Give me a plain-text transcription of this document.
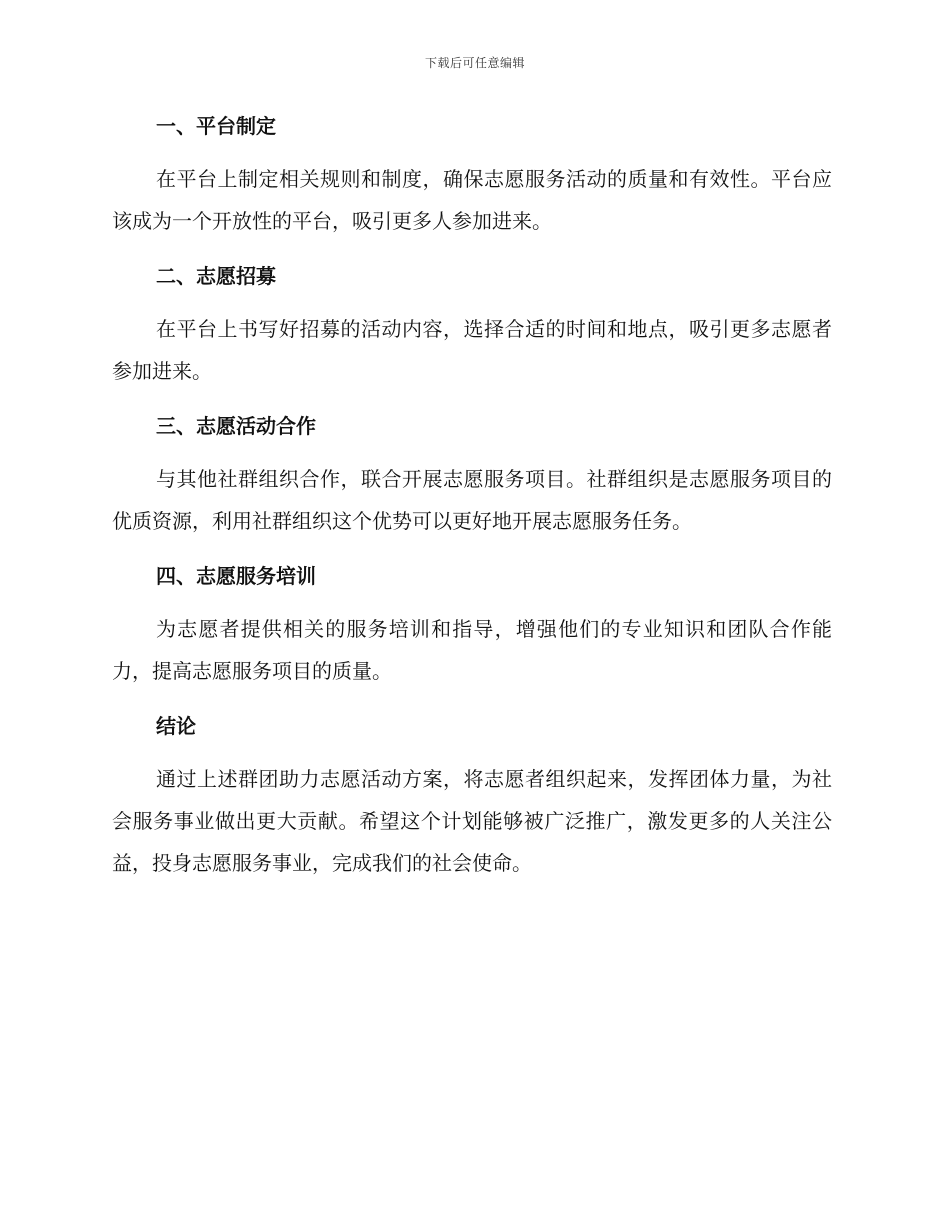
下载后可任意编辑
一、平台制定

在平台上制定相关规则和制度，确保志愿服务活动的质量和有效性。平台应该成为一个开放性的平台，吸引更多人参加进来。

二、志愿招募

在平台上书写好招募的活动内容，选择合适的时间和地点，吸引更多志愿者参加进来。

三、志愿活动合作

与其他社群组织合作，联合开展志愿服务项目。社群组织是志愿服务项目的优质资源，利用社群组织这个优势可以更好地开展志愿服务任务。

四、志愿服务培训

为志愿者提供相关的服务培训和指导，增强他们的专业知识和团队合作能力，提高志愿服务项目的质量。

结论

通过上述群团助力志愿活动方案，将志愿者组织起来，发挥团体力量，为社会服务事业做出更大贡献。希望这个计划能够被广泛推广，激发更多的人关注公益，投身志愿服务事业，完成我们的社会使命。
